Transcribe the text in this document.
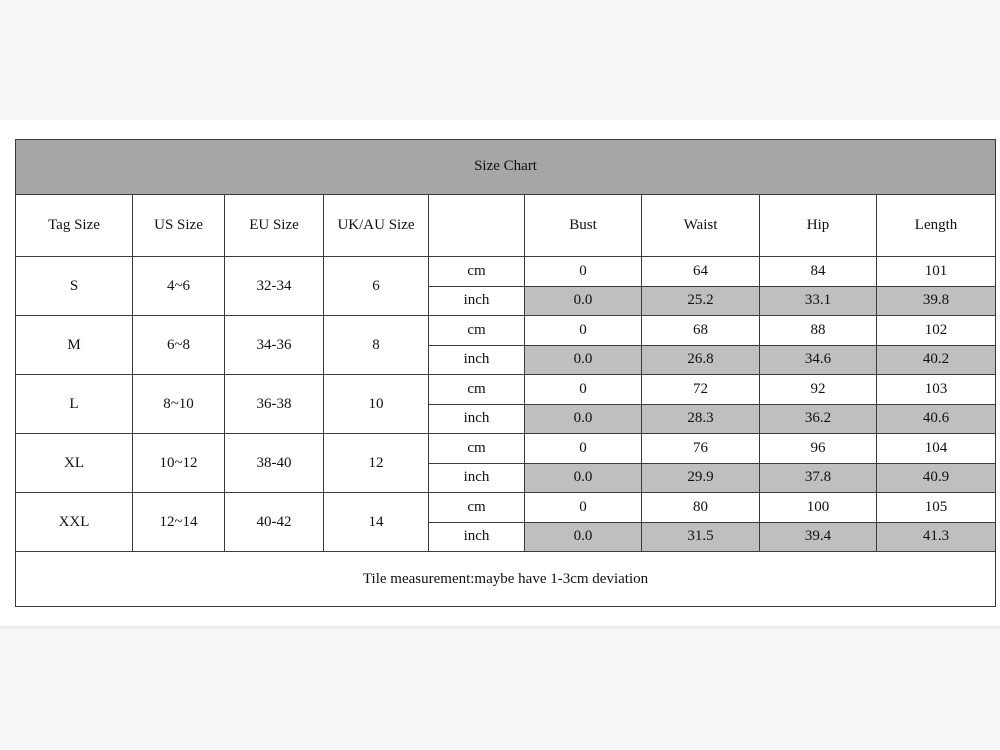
Size Chart								
Tag Size	US Size	EU Size	UK/AU Size		Bust	Waist	Hip	Length
S	4~6	32-34	6	cm	0	64	84	101
				inch	0.0	25.2	33.1	39.8
M	6~8	34-36	8	cm	0	68	88	102
				inch	0.0	26.8	34.6	40.2
L	8~10	36-38	10	cm	0	72	92	103
				inch	0.0	28.3	36.2	40.6
XL	10~12	38-40	12	cm	0	76	96	104
				inch	0.0	29.9	37.8	40.9
XXL	12~14	40-42	14	cm	0	80	100	105
				inch	0.0	31.5	39.4	41.3
Tile measurement:maybe have 1-3cm deviation								
